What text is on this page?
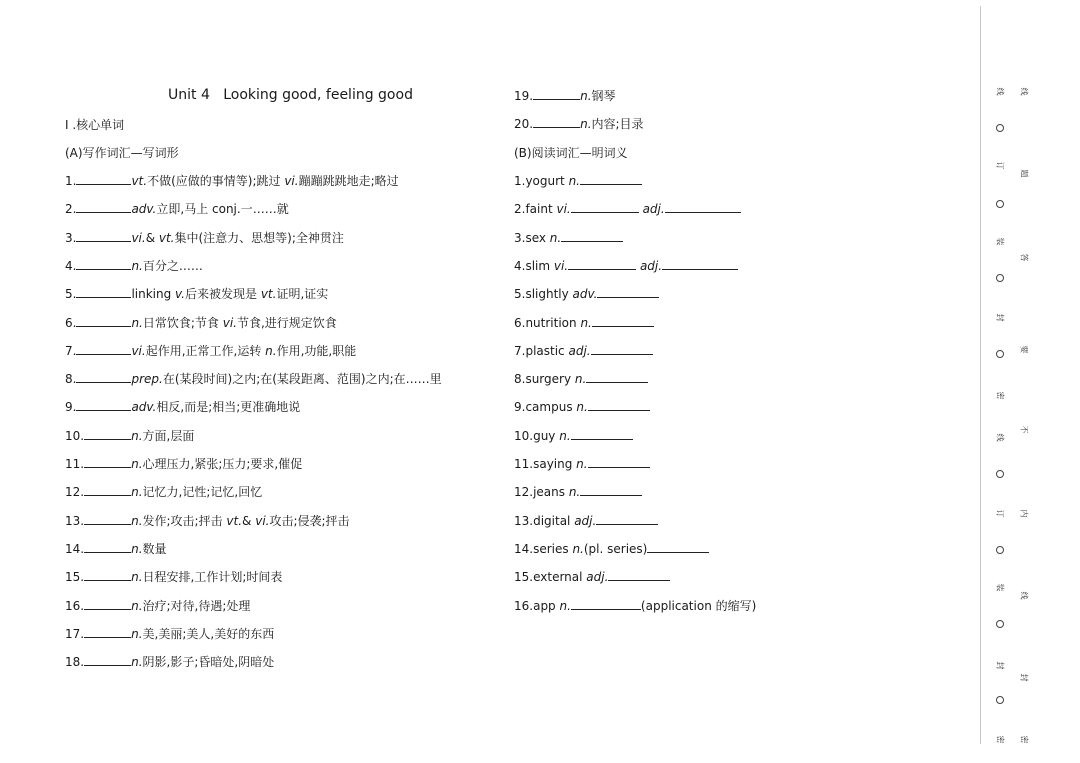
Unit 4   Looking good, feeling good
Ⅰ .核心单词
(A)写作词汇—写词形
1.	vt.不做(应做的事情等);跳过 vi.蹦蹦跳跳地走;略过
2.	adv.立即,马上 conj.一……就
3.	vi.& vt.集中(注意力、思想等);全神贯注
4.	n.百分之……
5.	linking v.后来被发现是 vt.证明,证实
6.	n.日常饮食;节食 vi.节食,进行规定饮食
7.	vi.起作用,正常工作,运转 n.作用,功能,职能
8.	prep.在(某段时间)之内;在(某段距离、范围)之内;在……里
9.	adv.相反,而是;相当;更准确地说
10.	n.方面,层面
11.	n.心理压力,紧张;压力;要求,催促
12.	n.记忆力,记性;记忆,回忆
13.	n.发作;攻击;抨击 vt.& vi.攻击;侵袭;抨击
14.	n.数量
15.	n.日程安排,工作计划;时间表
16.	n.治疗;对待,待遇;处理
17.	n.美,美丽;美人,美好的东西
18.	n.阴影,影子;昏暗处,阴暗处
19.	n.钢琴
20.	n.内容;目录
(B)阅读词汇—明词义
1.yogurt n.
2.faint vi.	adj.
3.sex n.
4.slim vi.	adj.
5.slightly adv.
6.nutrition n.
7.plastic adj.
8.surgery n.
9.campus n.
10.guy n.
11.saying n.
12.jeans n.
13.digital adj.
14.series n.(pl. series)
15.external adj.
16.app n.	(application 的缩写)
线
订
装
封
密
线
订
装
封
密
线
题
答
要
不
内
线
封
密
